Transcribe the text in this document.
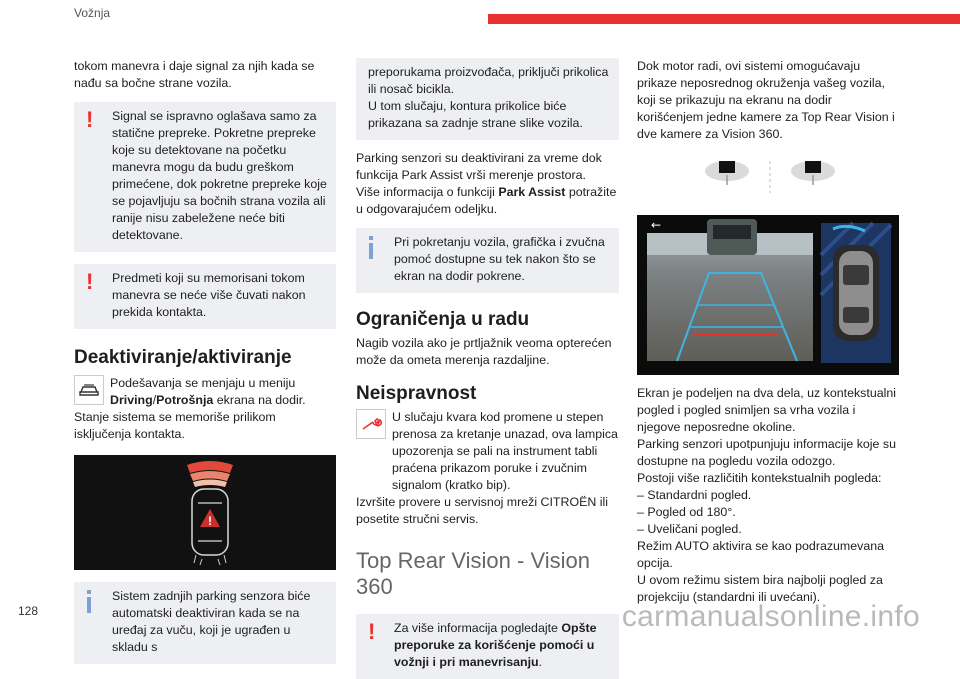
Vožnja

tokom manevra i daje signal za njih kada se nađu sa bočne strane vozila.

!	Signal se ispravno oglašava samo za statične prepreke. Pokretne prepreke koje su detektovane na početku manevra mogu da budu greškom primećene, dok pokretne prepreke koje se pojavljuju sa bočnih strana vozila ali ranije nisu zabeležene neće biti detektovane.

!	Predmeti koji su memorisani tokom manevra se neće više čuvati nakon prekida kontakta.

Deaktiviranje/aktiviranje

Podešavanja se menjaju u meniju Driving/Potrošnja ekrana na dodir.

Stanje sistema se memoriše prilikom isključenja kontakta.

!

Sistem zadnjih parking senzora biće automatski deaktiviran kada se na uređaj za vuču, koji je ugrađen u skladu s

preporukama proizvođača, priključi prikolica ili nosač bicikla.

U tom slučaju, kontura prikolice biće prikazana sa zadnje strane slike vozila.

Parking senzori su deaktivirani za vreme dok funkcija Park Assist vrši merenje prostora.

Više informacija o funkciji Park Assist potražite u odgovarajućem odeljku.

Pri pokretanju vozila, grafička i zvučna pomoć dostupne su tek nakon što se ekran na dodir pokrene.

Ograničenja u radu

Nagib vozila ako je prtljažnik veoma opterećen može da ometa merenja razdaljine.

Neispravnost

U slučaju kvara kod promene u stepen prenosa za kretanje unazad, ova lampica upozorenja se pali na instrument tabli praćena prikazom poruke i zvučnim signalom (kratko bip).

Izvršite provere u servisnoj mreži CITROËN ili posetite stručni servis.

Top Rear Vision - Vision 360
!	Za više informacija pogledajte Opšte preporuke za korišćenje pomoći u vožnji i pri manevrisanju.

Dok motor radi, ovi sistemi omogućavaju prikaze neposrednog okruženja vašeg vozila, koji se prikazuju na ekranu na dodir korišćenjem jedne kamere za Top Rear Vision i dve kamere za Vision 360.

←

Ekran je podeljen na dva dela, uz kontekstualni pogled i pogled snimljen sa vrha vozila i njegove neposredne okoline.

Parking senzori upotpunjuju informacije koje su dostupne na pogledu vozila odozgo.

Postoji više različitih kontekstualnih pogleda:

– Standardni pogled.

– Pogled od 180°.

– Uveličani pogled.

Režim AUTO aktivira se kao podrazumevana opcija.

U ovom režimu sistem bira najbolji pogled za projekciju (standardni ili uvećani).

128	carmanualsonline.info
